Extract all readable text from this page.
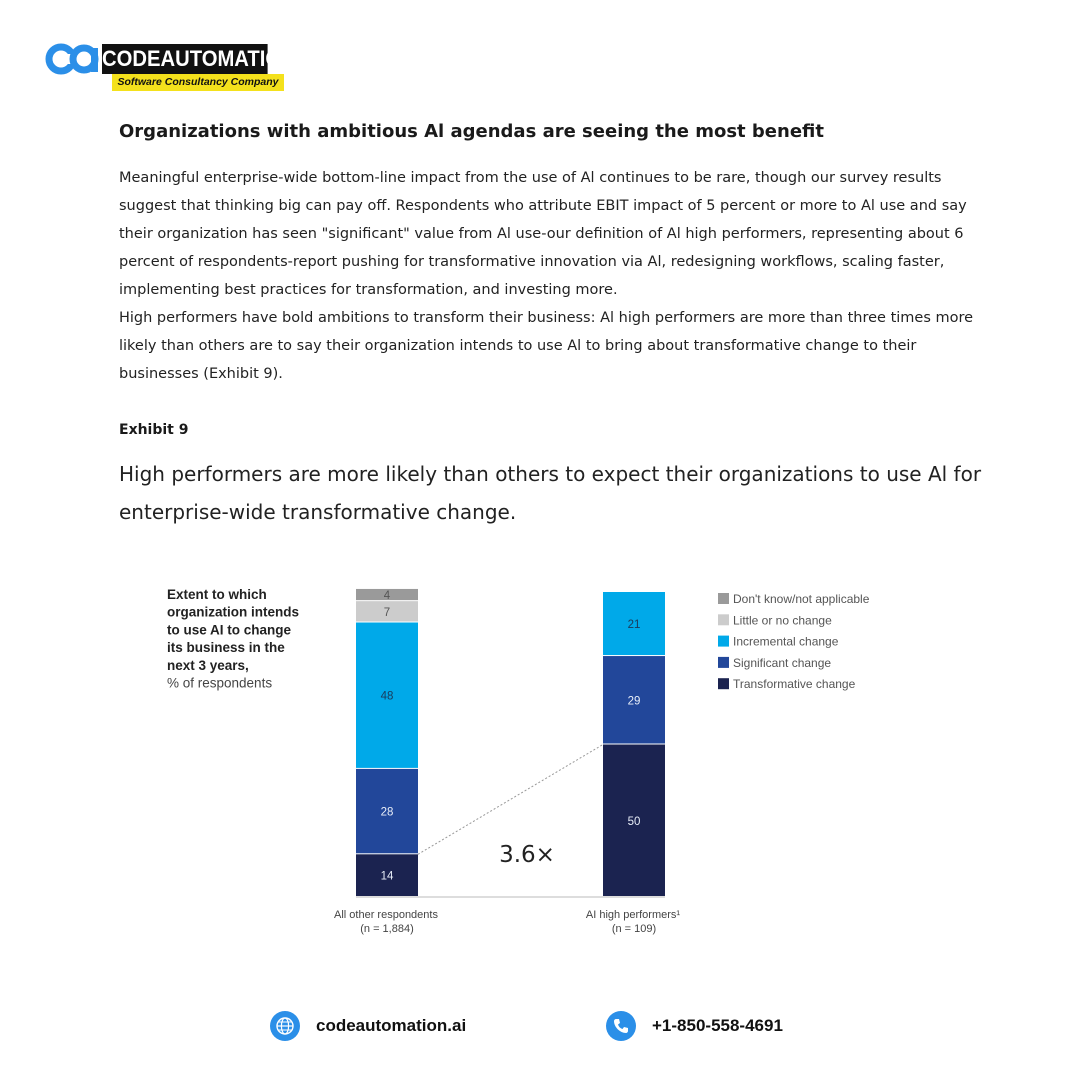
CODEAUTOMATION
Software Consultancy Company
Organizations with ambitious Al agendas are seeing the most benefit

Meaningful enterprise-wide bottom-line impact from the use of Al continues to be rare, though our survey results suggest that thinking big can pay off. Respondents who attribute EBIT impact of 5 percent or more to Al use and say their organization has seen "significant" value from Al use-our definition of Al high performers, representing about 6 percent of respondents-report pushing for transformative innovation via Al, redesigning workflows, scaling faster, implementing best practices for transformation, and investing more.

High performers have bold ambitions to transform their business: Al high performers are more than three times more likely than others are to say their organization intends to use Al to bring about transformative change to their businesses (Exhibit 9).

Exhibit 9

High performers are more likely than others to expect their organizations to use Al for enterprise-wide transformative change.

Extent to which
organization intends
to use AI to change
its business in the
next 3 years,
% of respondents
14
28
48
7
4
All other respondents
(n = 1,884)
50
29
21
AI high performers¹
(n = 109)
3.6×
Don't know/not applicable
Little or no change
Incremental change
Significant change
Transformative change
codeautomation.ai	+1-850-558-4691
